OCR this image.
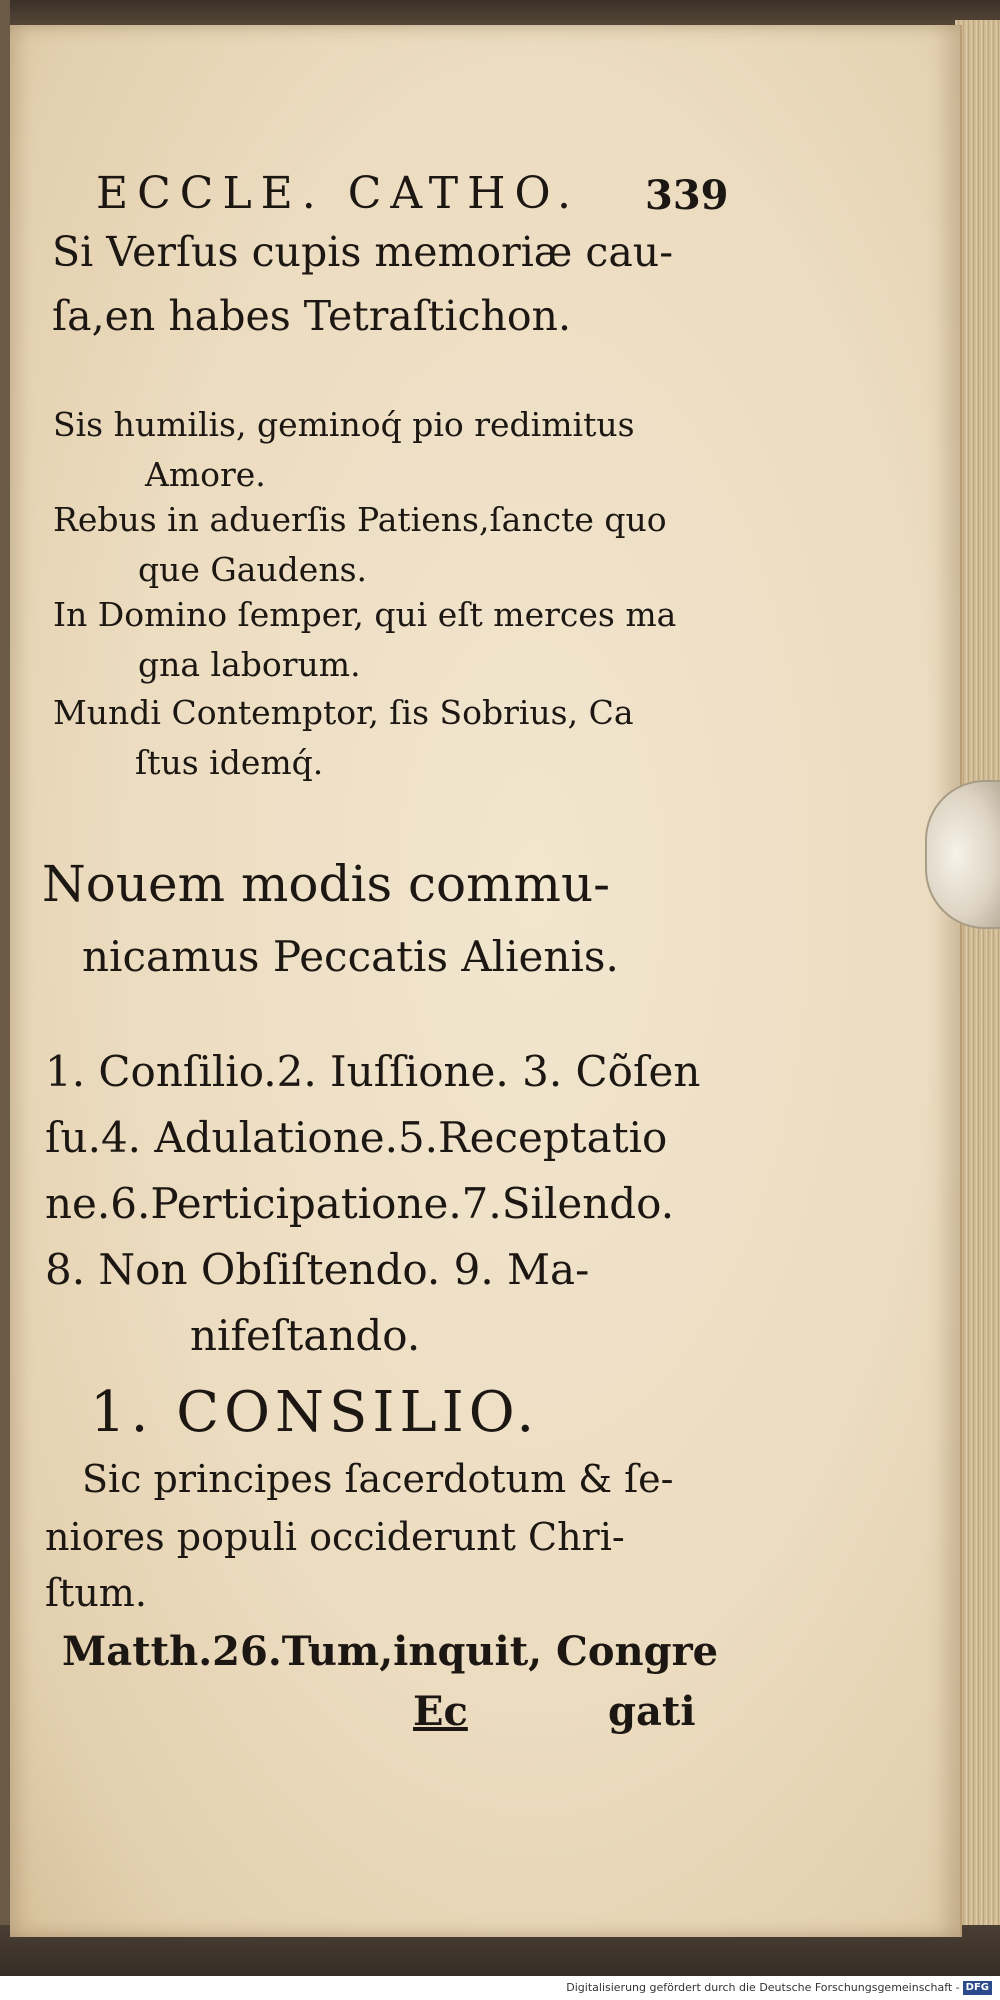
ECCLE. CATHO. 339
Si Verſus cupis memoriæ cau-
ſa,en habes Tetraſtichon.
Sis humilis, geminoq́ pio redimitus
Amore.
Rebus in aduerſis Patiens,ſancte quo
que Gaudens.
In Domino ſemper, qui eſt merces ma
gna laborum.
Mundi Contemptor, ſis Sobrius, Ca
ſtus idemq́.
Nouem modis commu-
nicamus Peccatis Alienis.
1. Conſilio.2. Iuſſione. 3. Cõſen
ſu.4. Adulatione.5.Receptatio
ne.6.Perticipatione.7.Silendo.
8. Non Obſiſtendo. 9. Ma-
nifeſtando.
1. CONSILIO.
Sic principes ſacerdotum & ſe-
niores populi occiderunt Chri-
ſtum.
Matth.26.Tum,inquit, Congre
Ec	gati
Digitalisierung gefördert durch die Deutsche Forschungsgemeinschaft - DFG
